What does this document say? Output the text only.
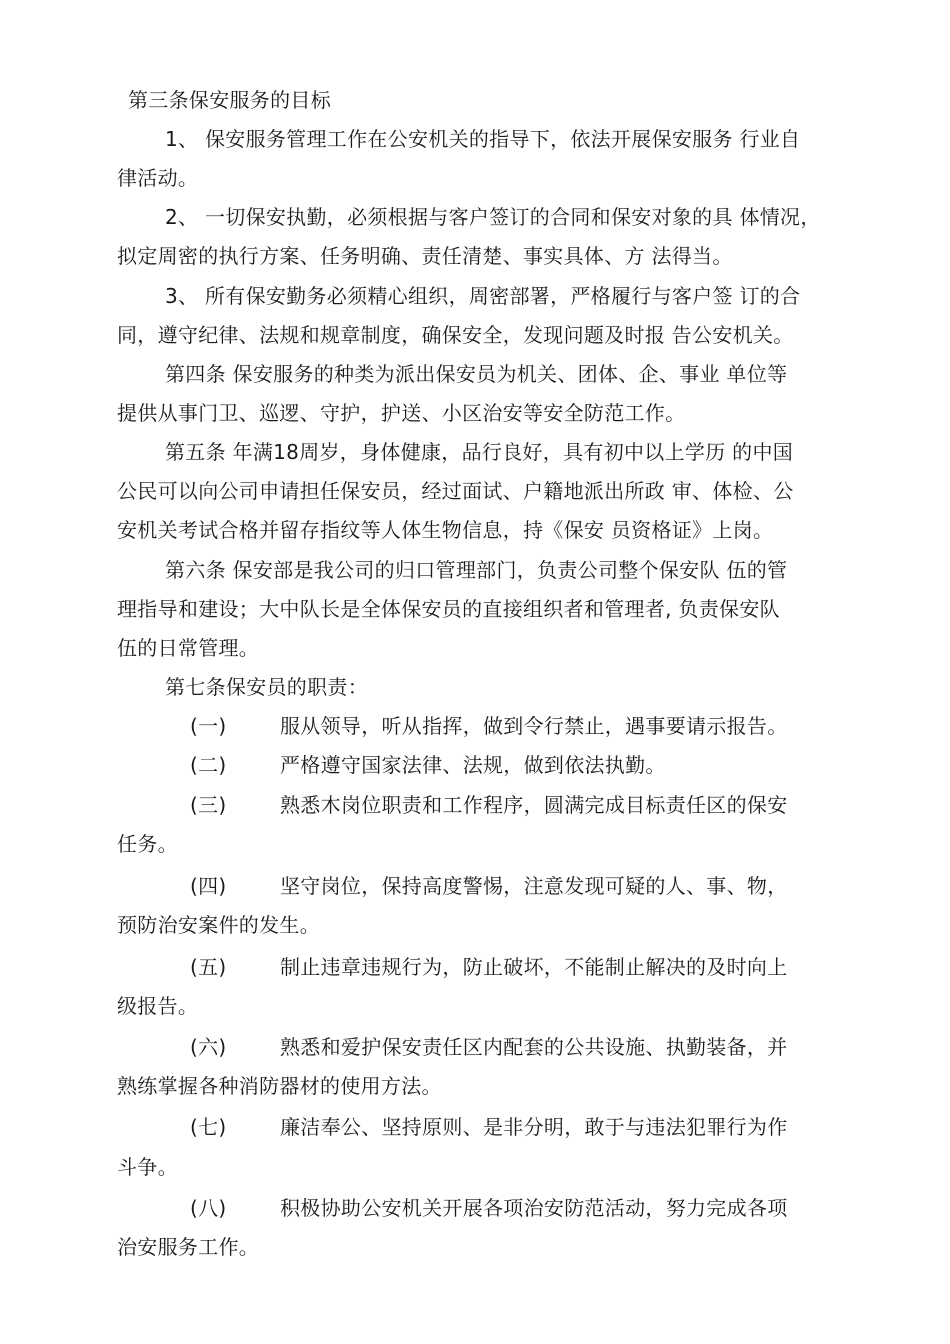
第三条保安服务的目标
1、 保安服务管理工作在公安机关的指导下，依法开展保安服务 行业自
律活动。
2、 一切保安执勤，必须根据与客户签订的合同和保安对象的具 体情况，
拟定周密的执行方案、任务明确、责任清楚、事实具体、方 法得当。
3、 所有保安勤务必须精心组织，周密部署，严格履行与客户签 订的合
同，遵守纪律、法规和规章制度，确保安全，发现问题及时报 告公安机关。
第四条 保安服务的种类为派出保安员为机关、团体、企、事业 单位等
提供从事门卫、巡逻、守护，护送、小区治安等安全防范工作。
第五条 年满18周岁，身体健康，品行良好，具有初中以上学历 的中国
公民可以向公司申请担任保安员，经过面试、户籍地派出所政 审、体检、公
安机关考试合格并留存指纹等人体生物信息，持《保安 员资格证》上岗。
第六条 保安部是我公司的归口管理部门，负责公司整个保安队 伍的管
理指导和建设；大中队长是全体保安员的直接组织者和管理者, 负责保安队
伍的日常管理。
第七条保安员的职责：
(一)	服从领导，听从指挥，做到令行禁止，遇事要请示报告。
(二)	严格遵守国家法律、法规，做到依法执勤。
(三)	熟悉木岗位职责和工作程序，圆满完成目标责任区的保安
任务。
(四)	坚守岗位，保持高度警惕，注意发现可疑的人、事、物，
预防治安案件的发生。
(五)	制止违章违规行为，防止破坏，不能制止解决的及时向上
级报告。
(六)	熟悉和爱护保安责任区内配套的公共设施、执勤装备，并
熟练掌握各种消防器材的使用方法。
(七)	廉洁奉公、坚持原则、是非分明，敢于与违法犯罪行为作
斗争。
(八)	积极协助公安机关开展各项治安防范活动，努力完成各项
治安服务工作。
